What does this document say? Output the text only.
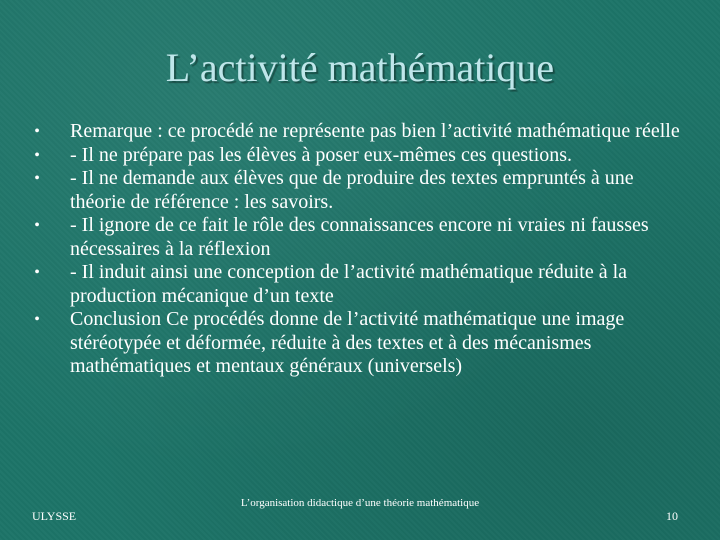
L’activité mathématique
• Remarque : ce procédé ne représente pas bien l’activité mathématique réelle
• - Il ne prépare pas les élèves à poser eux-mêmes ces questions.
• - Il ne demande aux élèves que de produire des textes empruntés à une théorie de référence : les savoirs.
• - Il ignore de ce fait le rôle des connaissances encore ni vraies ni fausses nécessaires à la réflexion
• - Il induit ainsi une conception de l’activité mathématique réduite à la production mécanique d’un texte
• Conclusion Ce procédés donne de l’activité mathématique une image stéréotypée et déformée, réduite à des textes et à des mécanismes mathématiques et mentaux généraux (universels)
ULYSSE
L’organisation didactique d’une théorie mathématique
10
